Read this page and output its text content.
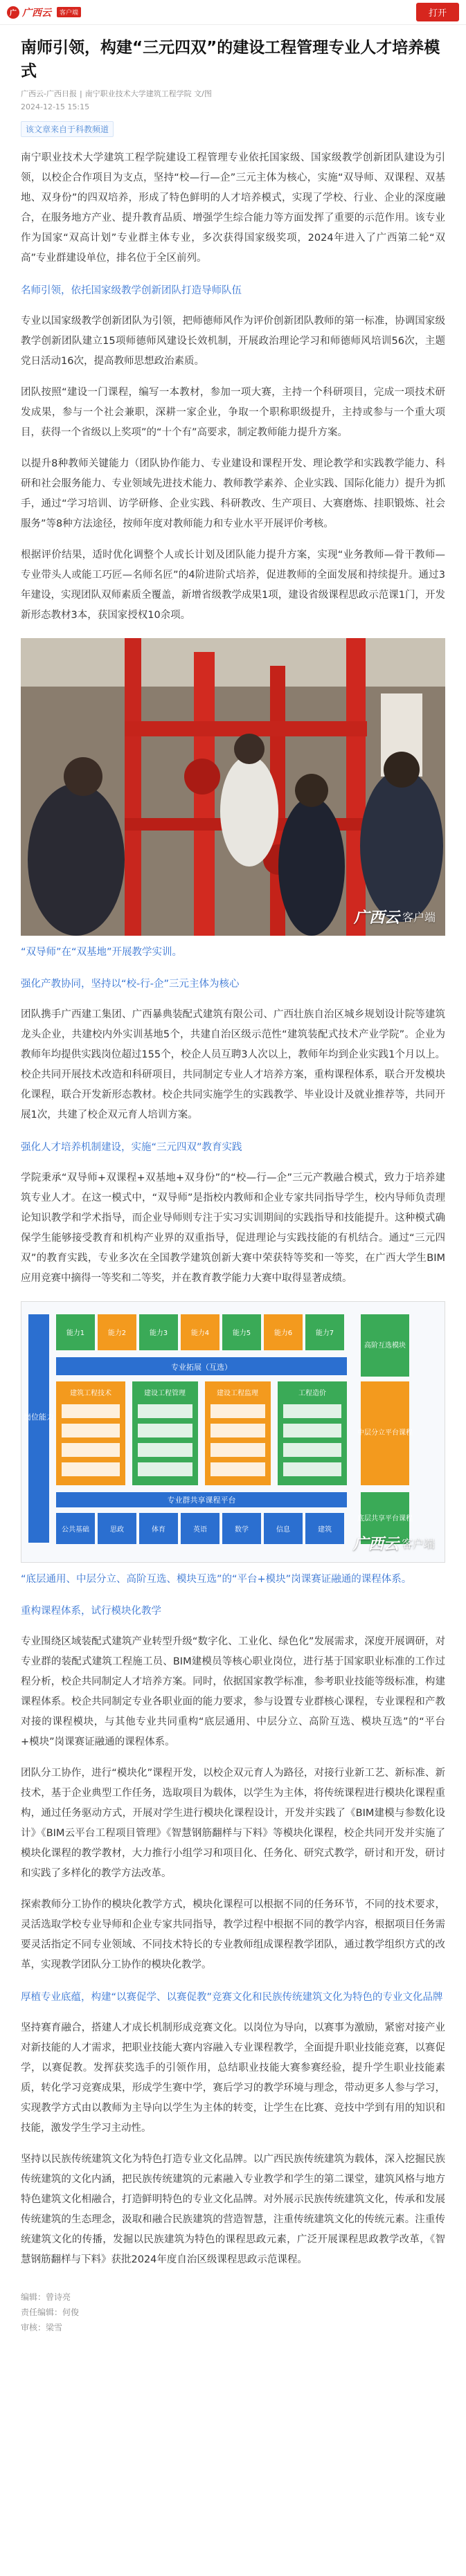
广 广西云	客户端	打开
南师引领，构建“三元四双”的建设工程管理专业人才培养模式
广西云-广西日报 | 南宁职业技术大学建筑工程学院 文/图
2024-12-15 15:15
该文章来自于科教频道

南宁职业技术大学建筑工程学院建设工程管理专业依托国家级、国家级教学创新团队建设为引领，以校企合作项目为支点，坚持“校—行—企”三元主体为核心，实施“双导师、双课程、双基地、双身份”的四双培养，形成了特色鲜明的人才培养模式，实现了学校、行业、企业的深度融合，在服务地方产业、提升教育品质、增强学生综合能力等方面发挥了重要的示范作用。该专业作为国家“双高计划”专业群主体专业，多次获得国家级奖项，2024年进入了广西第二轮“双高”专业群建设单位，排名位于全区前列。

名师引领，依托国家级教学创新团队打造导师队伍

专业以国家级教学创新团队为引领，把师德师风作为评价创新团队教师的第一标准，协调国家级教学创新团队建立15项师德师风建设长效机制，开展政治理论学习和师德师风培训56次，主题党日活动16次，提高教师思想政治素质。

团队按照“建设一门课程，编写一本教材，参加一项大赛，主持一个科研项目，完成一项技术研发成果，参与一个社会兼职，深耕一家企业，争取一个职称职级提升，主持或参与一个重大项目，获得一个省级以上奖项”的“十个有”高要求，制定教师能力提升方案。

以提升8种教师关键能力（团队协作能力、专业建设和课程开发、理论教学和实践教学能力、科研和社会服务能力、专业领域先进技术能力、教师教学素养、企业实践、国际化能力）提升为抓手，通过“学习培训、访学研修、企业实践、科研教改、生产项目、大赛磨炼、挂职锻炼、社会服务”等8种方法途径，按师年度对教师能力和专业水平开展评价考核。

根据评价结果，适时优化调整个人或长计划及团队能力提升方案，实现“业务教师—骨干教师—专业带头人或能工巧匠—名师名匠”的4阶进阶式培养，促进教师的全面发展和持续提升。通过3年建设，实现团队双师素质全覆盖，新增省级教学成果1项，建设省级课程思政示范课1门，开发新形态教材3本，获国家授权10余项。

广西云 客户端
“双导师”在“双基地”开展教学实训。
强化产教协同，坚持以“校-行-企”三元主体为核心

团队携手广西建工集团、广西暴典装配式建筑有限公司、广西壮族自治区城乡规划设计院等建筑龙头企业，共建校内外实训基地5个，共建自治区级示范性“建筑装配式技术产业学院”。企业为教师年均提供实践岗位超过155个，校企人员互聘3人次以上，教师年均到企业实践1个月以上。校企共同开展技术改造和科研项目，共同制定专业人才培养方案，重构课程体系，联合开发模块化课程，联合开发新形态教材。校企共同实施学生的实践教学、毕业设计及就业推荐等，共同开展1次，共建了校企双元育人培训方案。

强化人才培养机制建设，实施“三元四双”教育实践

学院秉承“双导师+双课程+双基地+双身份”的“校—行—企”三元产教融合模式，致力于培养建筑专业人才。在这一模式中，“双导师”是指校内教师和企业专家共同指导学生，校内导师负责理论知识教学和学术指导，而企业导师则专注于实习实训期间的实践指导和技能提升。这种模式确保学生能够接受教育和机构产业界的双重指导，促进理论与实践技能的有机结合。通过“三元四双”的教育实践，专业多次在全国教学建筑创新大赛中荣获特等奖和一等奖，在广西大学生BIM应用竞赛中摘得一等奖和二等奖，并在教育教学能力大赛中取得显著成绩。

岗位能力
能力1	能力2	能力3	能力4	能力5	能力6	能力7
专业拓展（互选）
建筑工程技术	建设工程管理	建设工程监理	工程造价
专业群共享课程平台
公共基础	思政	体育	英语	数学	信息	建筑
高阶互选模块
中层分立平台课程
底层共享平台课程
广西云 客户端
“底层通用、中层分立、高阶互选、模块互选”的“平台+模块”岗课赛证融通的课程体系。
重构课程体系，试行模块化教学

专业围绕区域装配式建筑产业转型升级“数字化、工业化、绿色化”发展需求，深度开展调研，对专业群的装配式建筑工程施工员、BIM建模员等核心职业岗位，进行基于国家职业标准的工作过程分析，校企共同制定人才培养方案。同时，依据国家教学标准，参考职业技能等级标准，构建课程体系。校企共同制定专业各职业面的能力要求，参与设置专业群核心课程，专业课程和产教对接的课程模块，与其他专业共同重构“底层通用、中层分立、高阶互选、模块互选”的“平台+模块”岗课赛证融通的课程体系。

团队分工协作，进行“模块化”课程开发，以校企双元育人为路径，对接行业新工艺、新标准、新技术，基于企业典型工作任务，选取项目为载体，以学生为主体，将传统课程进行模块化课程重构，通过任务驱动方式，开展对学生进行模块化课程设计，开发并实践了《BIM建模与参数化设计》《BIM云平台工程项目管理》《智慧钢筋翻样与下料》等模块化课程，校企共同开发并实施了模块化课程的教学教材，大力推行小组学习和项目化、任务化、研究式教学，研讨和开发，研讨和实践了多样化的教学方法改革。

探索教师分工协作的模块化教学方式，模块化课程可以根据不同的任务环节，不同的技术要求，灵活选取学校专业导师和企业专家共同指导，教学过程中根据不同的教学内容，根据项目任务需要灵活指定不同专业领域、不同技术特长的专业教师组成课程教学团队，通过教学组织方式的改革，实现教学团队分工协作的模块化教学。

厚植专业底蕴，构建“以赛促学、以赛促教”竞赛文化和民族传统建筑文化为特色的专业文化品牌

坚持赛育融合，搭建人才成长机制形成竞赛文化。以岗位为导向，以赛事为激励，紧密对接产业对新技能的人才需求，把职业技能大赛内容融入专业课程教学，全面提升职业技能竞赛，以赛促学，以赛促教。发挥获奖选手的引领作用，总结职业技能大赛参赛经验，提升学生职业技能素质，转化学习竞赛成果，形成学生赛中学，赛后学习的教学环境与理念，带动更多人参与学习，实现教学方式由以教师为主导向以学生为主体的转变，让学生在比赛、竞技中学到有用的知识和技能，激发学生学习主动性。

坚持以民族传统建筑文化为特色打造专业文化品牌。以广西民族传统建筑为载体，深入挖掘民族传统建筑的文化内涵，把民族传统建筑的元素融入专业教学和学生的第二课堂，建筑风格与地方特色建筑文化相融合，打造鲜明特色的专业文化品牌。对外展示民族传统建筑文化，传承和发展传统建筑的生态理念，汲取和融合民族建筑的营造智慧，注重传统建筑文化的传统元素。注重传统建筑文化的传播，发掘以民族建筑为特色的课程思政元素，广泛开展课程思政教学改革，《智慧钢筋翻样与下料》获批2024年度自治区级课程思政示范课程。

编辑：曾诗亮
责任编辑：何俊
审核：梁雪
